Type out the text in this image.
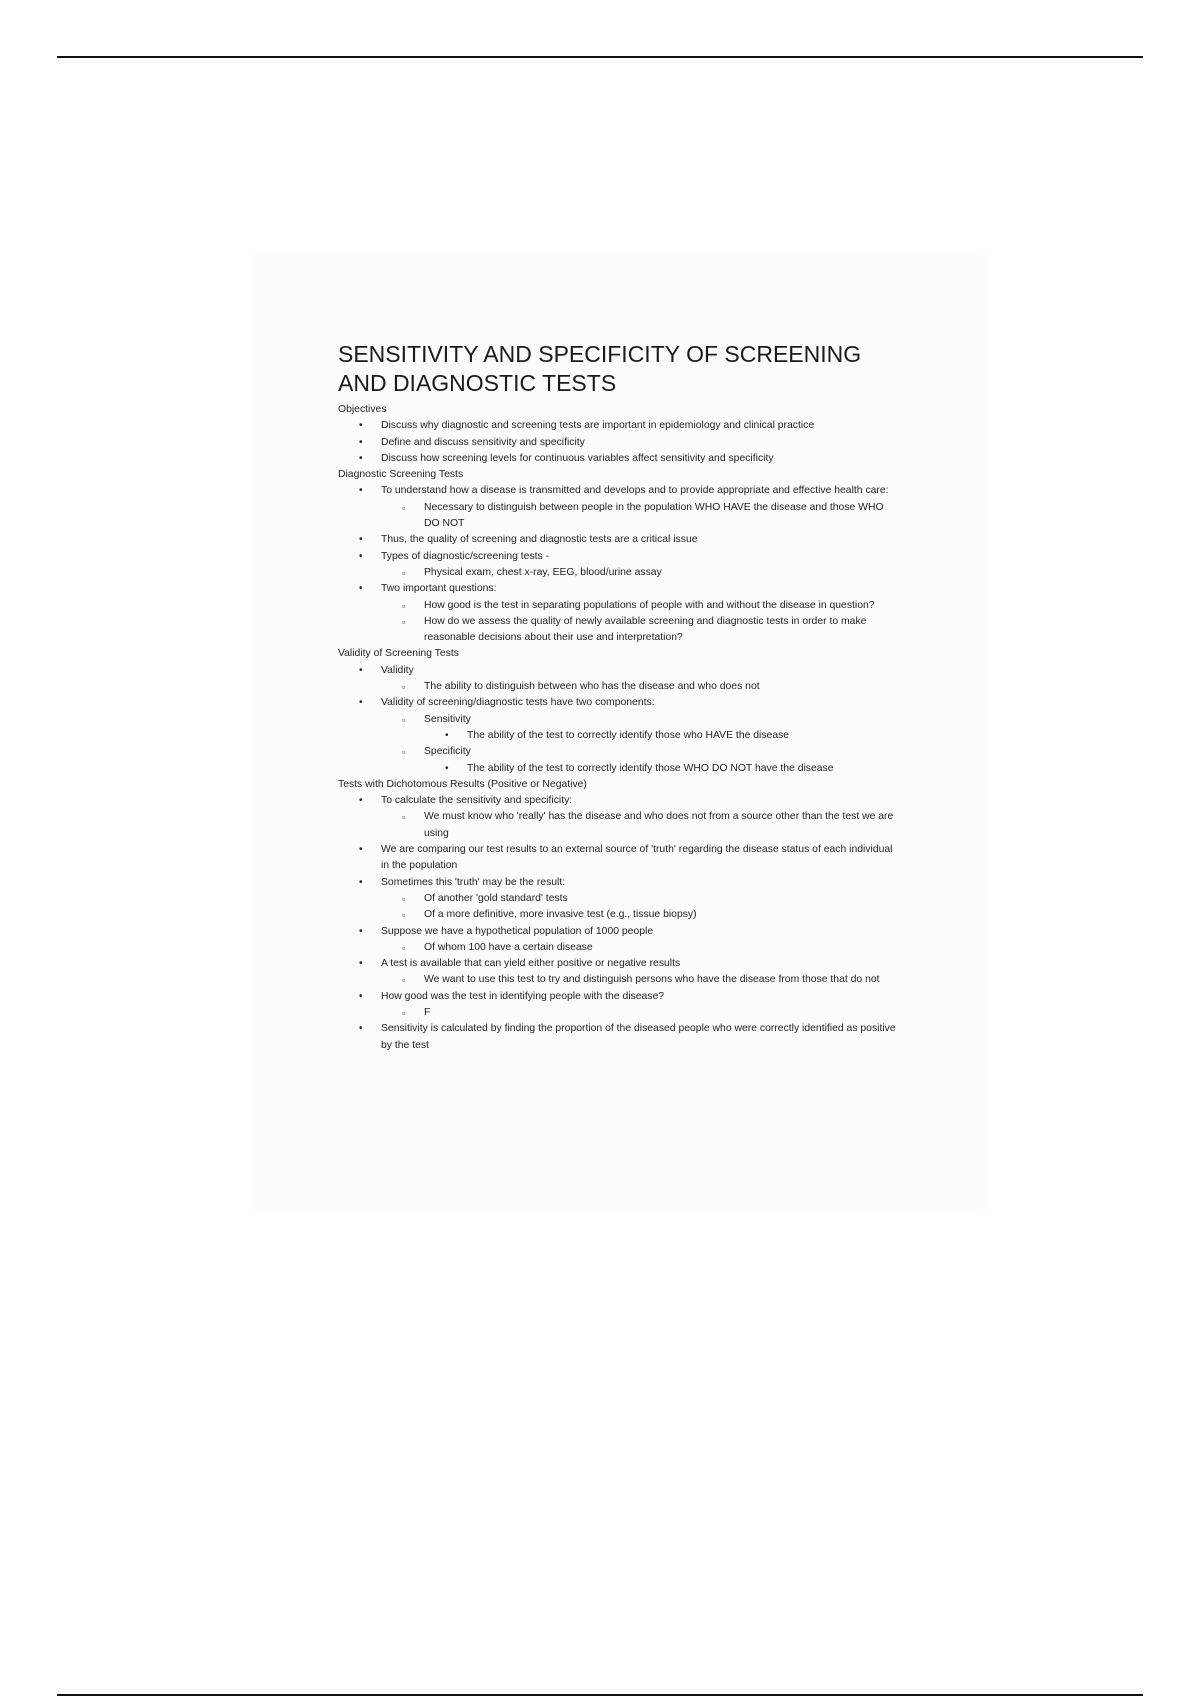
SENSITIVITY AND SPECIFICITY OF SCREENING
AND DIAGNOSTIC TESTS
Objectives
• Discuss why diagnostic and screening tests are important in epidemiology and clinical practice
• Define and discuss sensitivity and specificity
• Discuss how screening levels for continuous variables affect sensitivity and specificity
Diagnostic Screening Tests
• To understand how a disease is transmitted and develops and to provide appropriate and effective health care:
▫ Necessary to distinguish between people in the population WHO HAVE the disease and those WHO DO NOT
• Thus, the quality of screening and diagnostic tests are a critical issue
• Types of diagnostic/screening tests -
▫ Physical exam, chest x-ray, EEG, blood/urine assay
• Two important questions:
▫ How good is the test in separating populations of people with and without the disease in question?
▫ How do we assess the quality of newly available screening and diagnostic tests in order to make reasonable decisions about their use and interpretation?
Validity of Screening Tests
• Validity
▫ The ability to distinguish between who has the disease and who does not
• Validity of screening/diagnostic tests have two components:
▫ Sensitivity
• The ability of the test to correctly identify those who HAVE the disease
▫ Specificity
• The ability of the test to correctly identify those WHO DO NOT have the disease
Tests with Dichotomous Results (Positive or Negative)
• To calculate the sensitivity and specificity:
▫ We must know who 'really' has the disease and who does not from a source other than the test we are using
• We are comparing our test results to an external source of 'truth' regarding the disease status of each individual in the population
• Sometimes this 'truth' may be the result:
▫ Of another 'gold standard' tests
▫ Of a more definitive, more invasive test (e.g., tissue biopsy)
• Suppose we have a hypothetical population of 1000 people
▫ Of whom 100 have a certain disease
• A test is available that can yield either positive or negative results
▫ We want to use this test to try and distinguish persons who have the disease from those that do not
• How good was the test in identifying people with the disease?
▫ F
• Sensitivity is calculated by finding the proportion of the diseased people who were correctly identified as positive by the test
